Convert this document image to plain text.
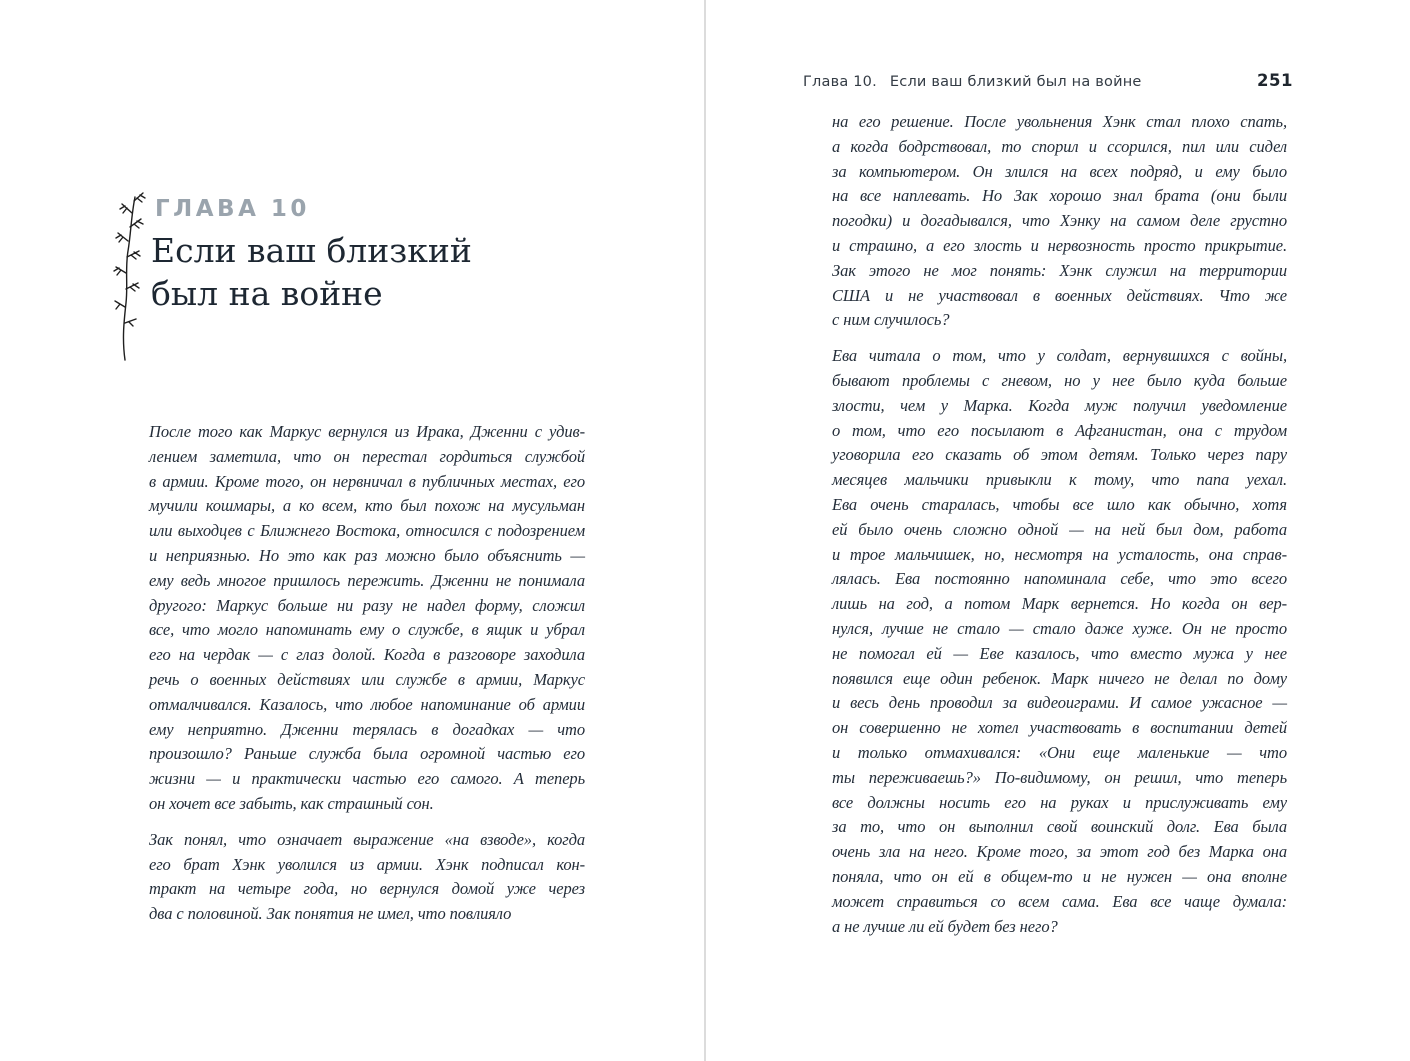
ГЛАВА 10
Если ваш близкий
был на войне
После того как Маркус вернулся из Ирака, Дженни с удив-
лением заметила, что он перестал гордиться службой
в армии. Кроме того, он нервничал в публичных местах, его
мучили кошмары, а ко всем, кто был похож на мусульман
или выходцев с Ближнего Востока, относился с подозрением
и неприязнью. Но это как раз можно было объяснить —
ему ведь многое пришлось пережить. Дженни не понимала
другого: Маркус больше ни разу не надел форму, сложил
все, что могло напоминать ему о службе, в ящик и убрал
его на чердак — с глаз долой. Когда в разговоре заходила
речь о военных действиях или службе в армии, Маркус
отмалчивался. Казалось, что любое напоминание об армии
ему неприятно. Дженни терялась в догадках — что
произошло? Раньше служба была огромной частью его
жизни — и практически частью его самого. А теперь
он хочет все забыть, как страшный сон.
Зак понял, что означает выражение «на взводе», когда
его брат Хэнк уволился из армии. Хэнк подписал кон-
тракт на четыре года, но вернулся домой уже через
два с половиной. Зак понятия не имел, что повлияло
Глава 10. Если ваш близкий был на войне	251
на его решение. После увольнения Хэнк стал плохо спать,
а когда бодрствовал, то спорил и ссорился, пил или сидел
за компьютером. Он злился на всех подряд, и ему было
на все наплевать. Но Зак хорошо знал брата (они были
погодки) и догадывался, что Хэнку на самом деле грустно
и страшно, а его злость и нервозность просто прикрытие.
Зак этого не мог понять: Хэнк служил на территории
США и не участвовал в военных действиях. Что же
с ним случилось?
Ева читала о том, что у солдат, вернувшихся с войны,
бывают проблемы с гневом, но у нее было куда больше
злости, чем у Марка. Когда муж получил уведомление
о том, что его посылают в Афганистан, она с трудом
уговорила его сказать об этом детям. Только через пару
месяцев мальчики привыкли к тому, что папа уехал.
Ева очень старалась, чтобы все шло как обычно, хотя
ей было очень сложно одной — на ней был дом, работа
и трое мальчишек, но, несмотря на усталость, она справ-
лялась. Ева постоянно напоминала себе, что это всего
лишь на год, а потом Марк вернется. Но когда он вер-
нулся, лучше не стало — стало даже хуже. Он не просто
не помогал ей — Еве казалось, что вместо мужа у нее
появился еще один ребенок. Марк ничего не делал по дому
и весь день проводил за видеоиграми. И самое ужасное —
он совершенно не хотел участвовать в воспитании детей
и только отмахивался: «Они еще маленькие — что
ты переживаешь?» По-видимому, он решил, что теперь
все должны носить его на руках и прислуживать ему
за то, что он выполнил свой воинский долг. Ева была
очень зла на него. Кроме того, за этот год без Марка она
поняла, что он ей в общем-то и не нужен — она вполне
может справиться со всем сама. Ева все чаще думала:
а не лучше ли ей будет без него?
